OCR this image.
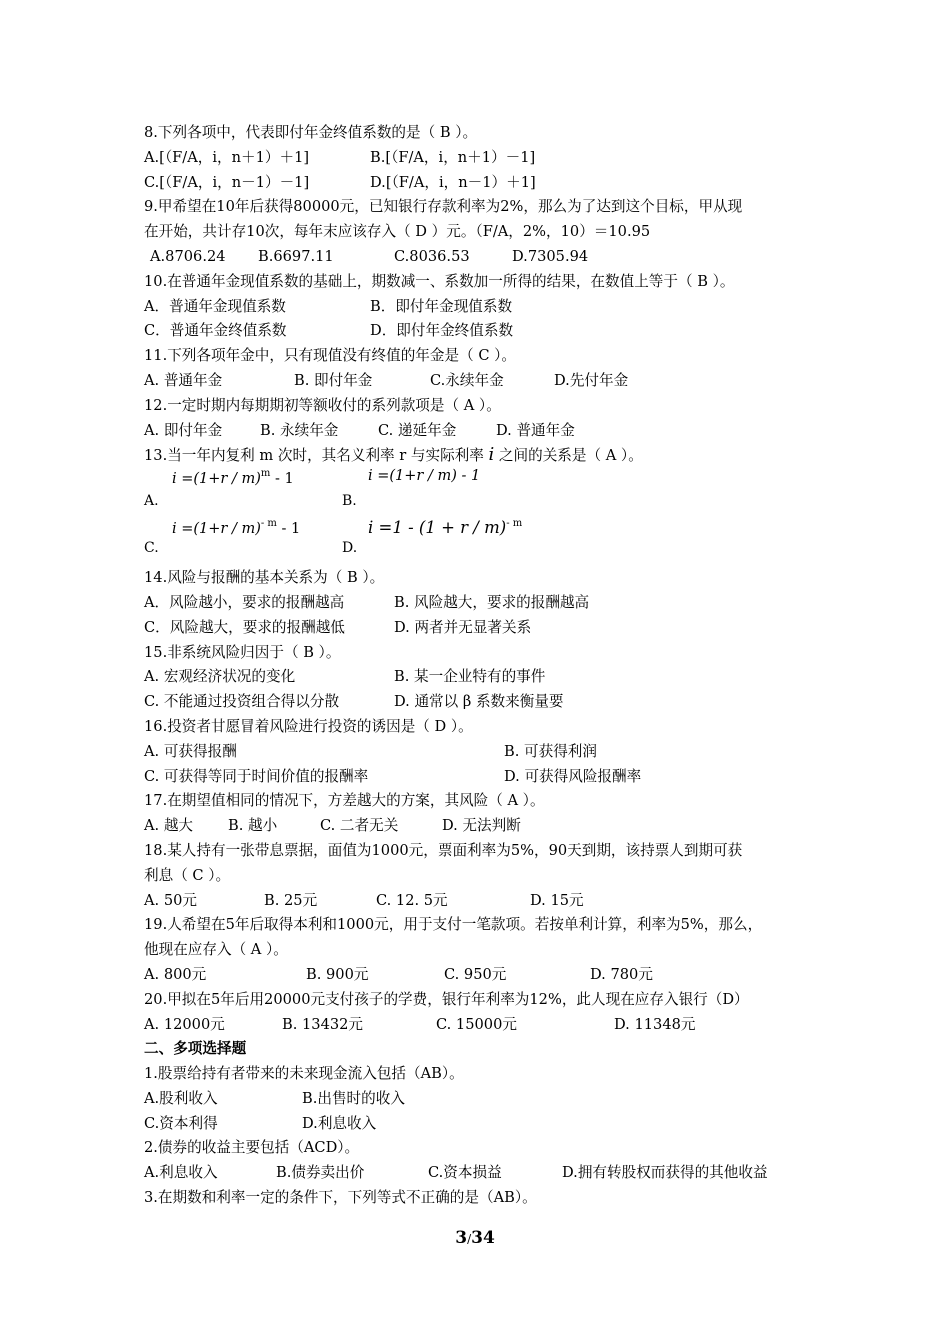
8.下列各项中，代表即付年金终值系数的是（ B ）。
A.[（F/A，i，n＋1）＋1]	B.[（F/A，i，n＋1）－1]
C.[（F/A，i，n－1）－1]	D.[（F/A，i，n－1）＋1]
9.甲希望在10年后获得80000元，已知银行存款利率为2%，那么为了达到这个目标，甲从现
在开始，共计存10次，每年末应该存入（ D ）元。（F/A，2%，10）＝10.95
A.8706.24 B.6697.11	C.8036.53	D.7305.94
10.在普通年金现值系数的基础上，期数减一、系数加一所得的结果，在数值上等于（ B ）。
A．普通年金现值系数	B．即付年金现值系数
C．普通年金终值系数	D．即付年金终值系数
11.下列各项年金中，只有现值没有终值的年金是（ C ）。
A. 普通年金	B. 即付年金	C.永续年金	D.先付年金
12.一定时期内每期期初等额收付的系列款项是（ A ）。
A. 即付年金	B. 永续年金	C. 递延年金	D. 普通年金
13.当一年内复利 m 次时，其名义利率 r 与实际利率 i 之间的关系是（ A ）。
$i =(1+r / m)^m - 1$	i =(1+r / m) - 1
A.	B.
$i =(1+r / m)^{- m} - 1$	$i =1 - (1 + r / m)^{- m}$
C.	D.
14.风险与报酬的基本关系为（ B ）。
A．风险越小，要求的报酬越高	B. 风险越大，要求的报酬越高
C．风险越大，要求的报酬越低	D. 两者并无显著关系
15.非系统风险归因于（ B ）。
A. 宏观经济状况的变化	B. 某一企业特有的事件
C. 不能通过投资组合得以分散	D. 通常以 β 系数来衡量要
16.投资者甘愿冒着风险进行投资的诱因是（ D ）。
A. 可获得报酬	B. 可获得利润
C. 可获得等同于时间价值的报酬率	D. 可获得风险报酬率
17.在期望值相同的情况下，方差越大的方案，其风险（ A ）。
A. 越大 B. 越小	C. 二者无关	D. 无法判断
18.某人持有一张带息票据，面值为1000元，票面利率为5%，90天到期，该持票人到期可获
利息（ C ）。
A. 50元	B. 25元	C. 12. 5元	D. 15元
19.人希望在5年后取得本利和1000元，用于支付一笔款项。若按单利计算，利率为5%，那么，
他现在应存入（ A ）。
A. 800元	B. 900元	C. 950元	D. 780元
20.甲拟在5年后用20000元支付孩子的学费，银行年利率为12%，此人现在应存入银行（D）
A. 12000元	B. 13432元	C. 15000元	D. 11348元
二、多项选择题
1.股票给持有者带来的未来现金流入包括（AB）。
A.股利收入	B.出售时的收入
C.资本利得	D.利息收入
2.债券的收益主要包括（ACD）。
A.利息收入	B.债券卖出价	C.资本损益	D.拥有转股权而获得的其他收益
3.在期数和利率一定的条件下，下列等式不正确的是（AB）。
3/34
